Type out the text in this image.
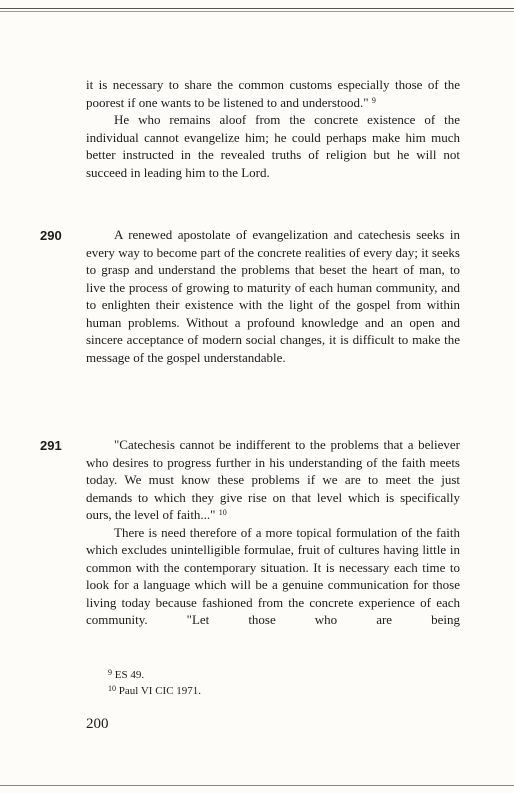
it is necessary to share the common customs especially those of the poorest if one wants to be listened to and understood." $^9$

He who remains aloof from the concrete existence of the individual cannot evangelize him; he could perhaps make him much better instructed in the revealed truths of religion but he will not succeed in leading him to the Lord.

290	A renewed apostolate of evangelization and catechesis seeks in every way to become part of the concrete realities of every day; it seeks to grasp and understand the problems that beset the heart of man, to live the process of growing to maturity of each human community, and to enlighten their existence with the light of the gospel from within human problems. Without a profound knowledge and an open and sincere acceptance of modern social changes, it is difficult to make the message of the gospel understandable.

291	"Catechesis cannot be indifferent to the problems that a believer who desires to progress further in his understanding of the faith meets today. We must know these problems if we are to meet the just demands to which they give rise on that level which is specifically ours, the level of faith..." $^{10}$

There is need therefore of a more topical formulation of the faith which excludes unintelligible formulae, fruit of cultures having little in common with the contemporary situation. It is necessary each time to look for a language which will be a genuine communication for those living today because fashioned from the concrete experience of each community. "Let those who are being

$^9$ ES 49.
$^{10}$ Paul VI CIC 1971.
200
